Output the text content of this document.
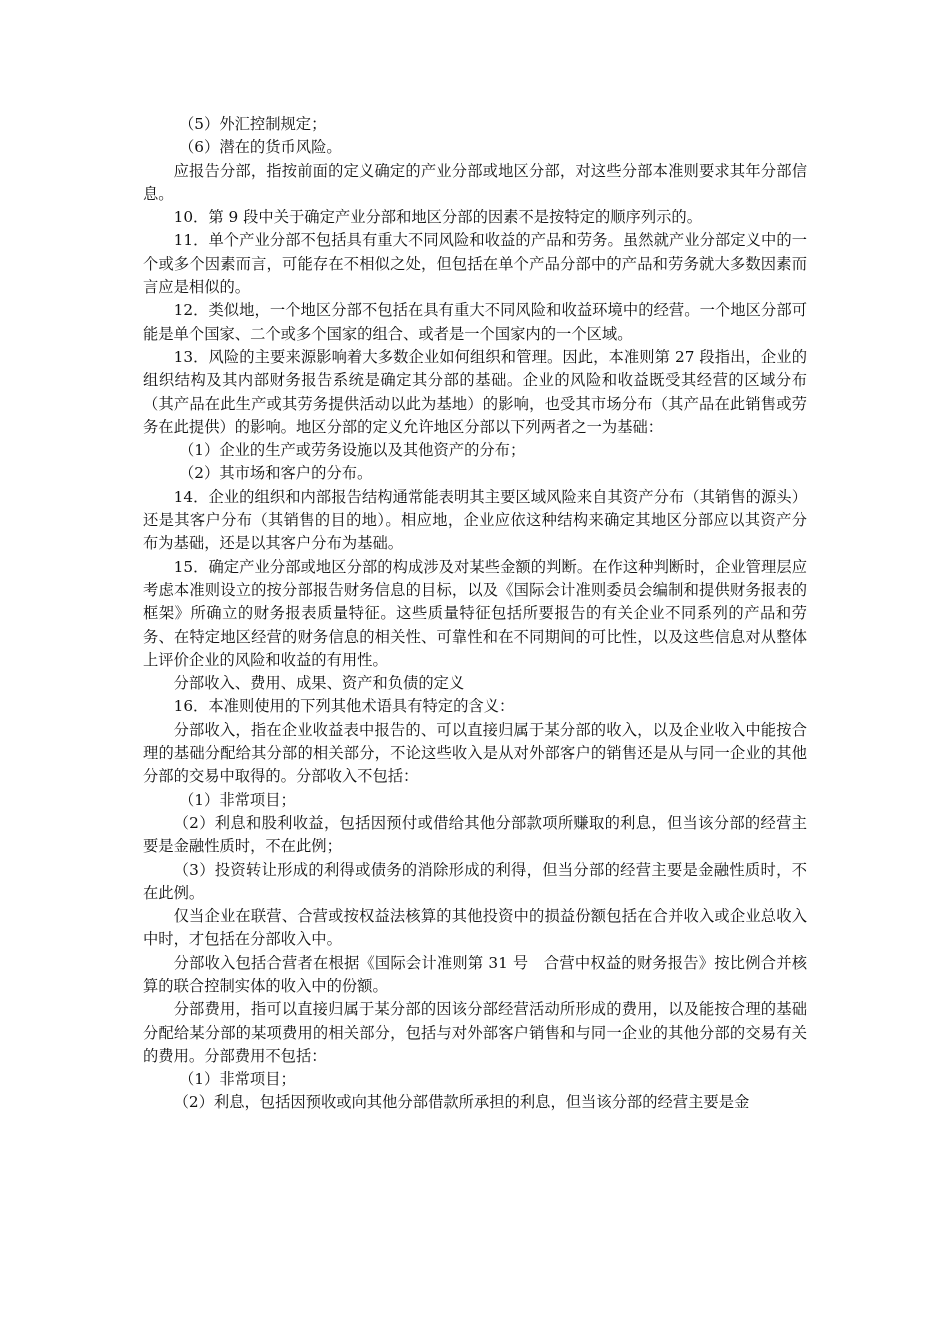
（5）外汇控制规定；

（6）潜在的货币风险。

应报告分部，指按前面的定义确定的产业分部或地区分部，对这些分部本准则要求其年分部信息。

10．第 9 段中关于确定产业分部和地区分部的因素不是按特定的顺序列示的。

11．单个产业分部不包括具有重大不同风险和收益的产品和劳务。虽然就产业分部定义中的一个或多个因素而言，可能存在不相似之处，但包括在单个产品分部中的产品和劳务就大多数因素而言应是相似的。

12．类似地，一个地区分部不包括在具有重大不同风险和收益环境中的经营。一个地区分部可能是单个国家、二个或多个国家的组合、或者是一个国家内的一个区域。

13．风险的主要来源影响着大多数企业如何组织和管理。因此，本准则第 27 段指出，企业的组织结构及其内部财务报告系统是确定其分部的基础。企业的风险和收益既受其经营的区域分布（其产品在此生产或其劳务提供活动以此为基地）的影响，也受其市场分布（其产品在此销售或劳务在此提供）的影响。地区分部的定义允许地区分部以下列两者之一为基础：

（1）企业的生产或劳务设施以及其他资产的分布；

（2）其市场和客户的分布。

14．企业的组织和内部报告结构通常能表明其主要区域风险来自其资产分布（其销售的源头）还是其客户分布（其销售的目的地）。相应地，企业应依这种结构来确定其地区分部应以其资产分布为基础，还是以其客户分布为基础。

15．确定产业分部或地区分部的构成涉及对某些金额的判断。在作这种判断时，企业管理层应考虑本准则设立的按分部报告财务信息的目标，以及《国际会计准则委员会编制和提供财务报表的框架》所确立的财务报表质量特征。这些质量特征包括所要报告的有关企业不同系列的产品和劳务、在特定地区经营的财务信息的相关性、可靠性和在不同期间的可比性，以及这些信息对从整体上评价企业的风险和收益的有用性。

分部收入、费用、成果、资产和负债的定义

16．本准则使用的下列其他术语具有特定的含义：

分部收入，指在企业收益表中报告的、可以直接归属于某分部的收入，以及企业收入中能按合理的基础分配给其分部的相关部分，不论这些收入是从对外部客户的销售还是从与同一企业的其他分部的交易中取得的。分部收入不包括：

（1）非常项目；

（2）利息和股利收益，包括因预付或借给其他分部款项所赚取的利息，但当该分部的经营主要是金融性质时，不在此例；

（3）投资转让形成的利得或债务的消除形成的利得，但当分部的经营主要是金融性质时，不在此例。

仅当企业在联营、合营或按权益法核算的其他投资中的损益份额包括在合并收入或企业总收入中时，才包括在分部收入中。

分部收入包括合营者在根据《国际会计准则第 31 号　合营中权益的财务报告》按比例合并核算的联合控制实体的收入中的份额。

分部费用，指可以直接归属于某分部的因该分部经营活动所形成的费用，以及能按合理的基础分配给某分部的某项费用的相关部分，包括与对外部客户销售和与同一企业的其他分部的交易有关的费用。分部费用不包括：

（1）非常项目；

（2）利息，包括因预收或向其他分部借款所承担的利息，但当该分部的经营主要是金
